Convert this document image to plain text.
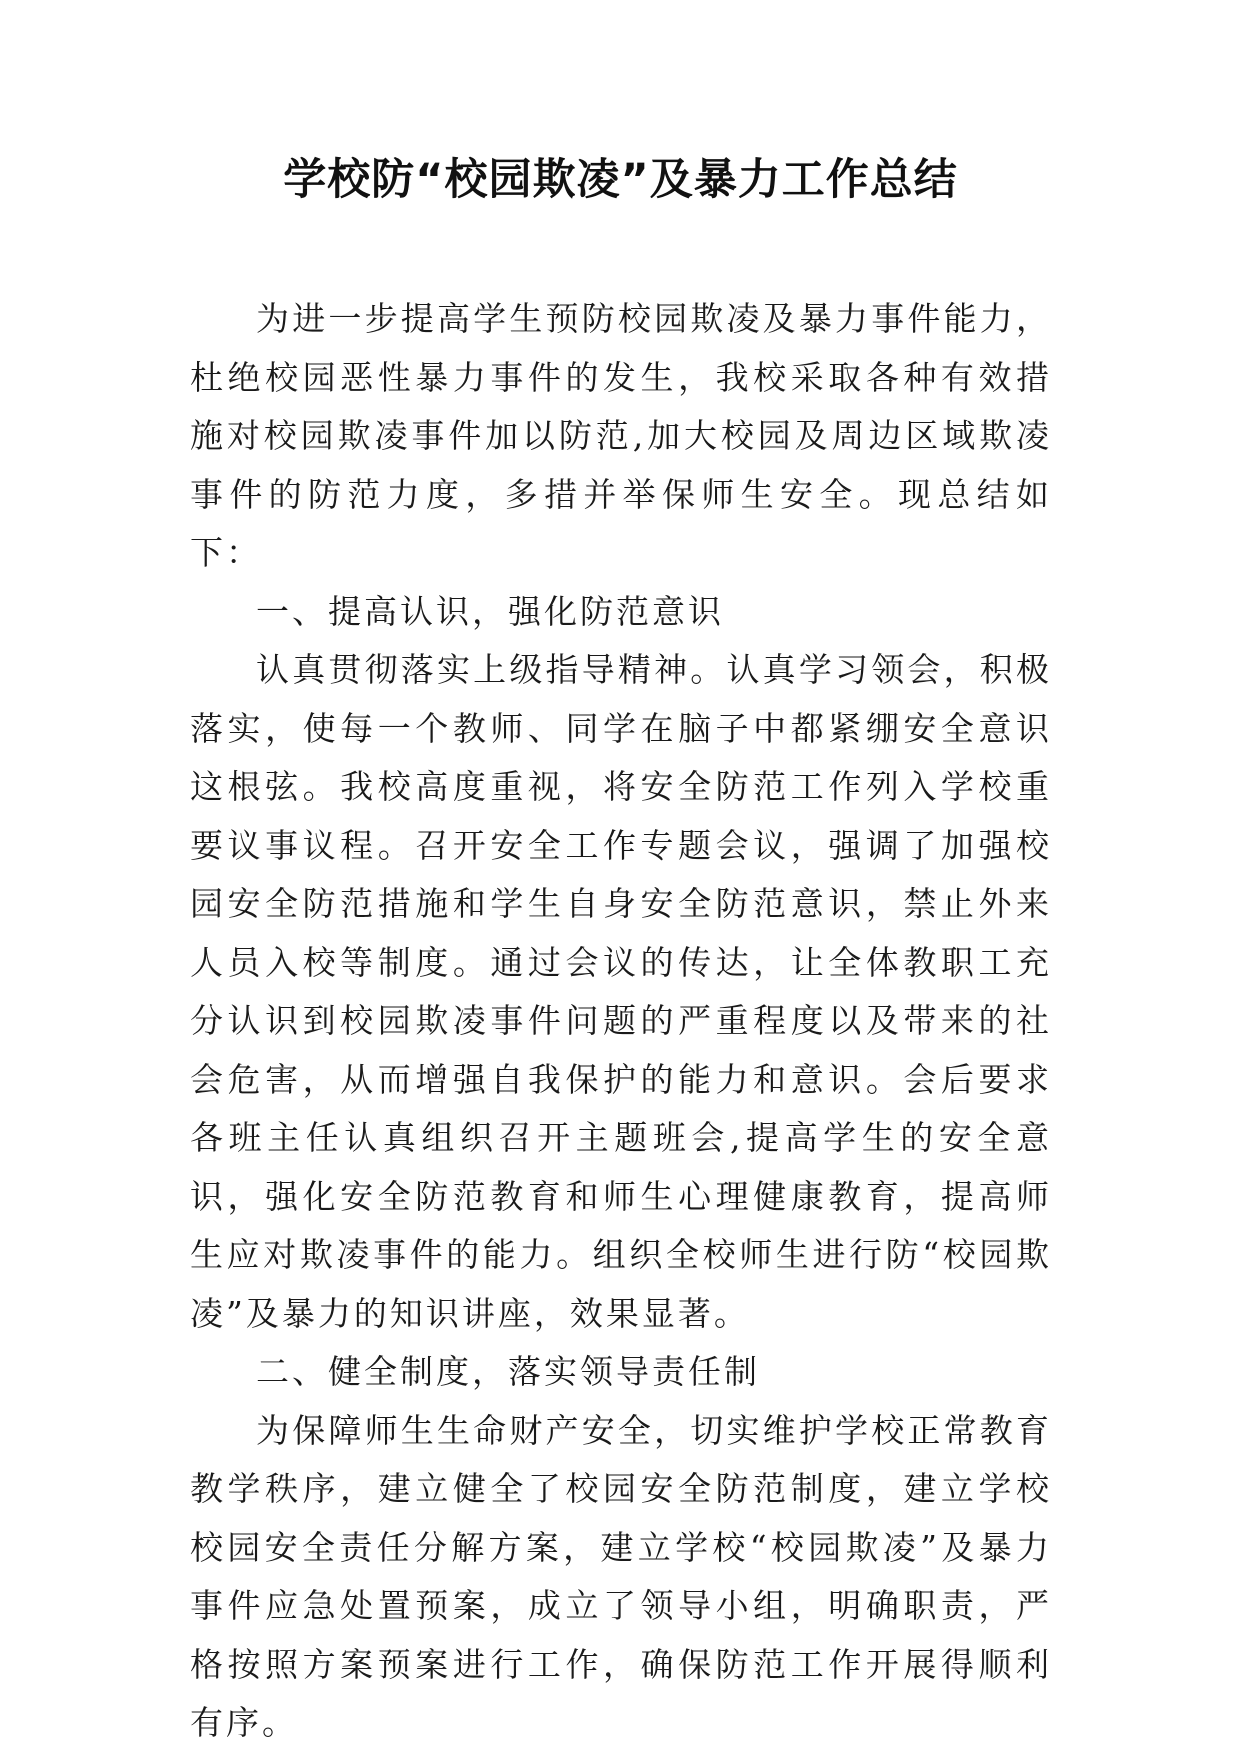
学校防“校园欺凌”及暴力工作总结

为进一步提高学生预防校园欺凌及暴力事件能力，杜绝校园恶性暴力事件的发生，我校采取各种有效措施对校园欺凌事件加以防范,加大校园及周边区域欺凌事件的防范力度，多措并举保师生安全。现总结如下：

一、提高认识，强化防范意识

认真贯彻落实上级指导精神。认真学习领会，积极落实，使每一个教师、同学在脑子中都紧绷安全意识这根弦。我校高度重视，将安全防范工作列入学校重要议事议程。召开安全工作专题会议，强调了加强校园安全防范措施和学生自身安全防范意识，禁止外来人员入校等制度。通过会议的传达，让全体教职工充分认识到校园欺凌事件问题的严重程度以及带来的社会危害，从而增强自我保护的能力和意识。会后要求各班主任认真组织召开主题班会,提高学生的安全意识，强化安全防范教育和师生心理健康教育，提高师生应对欺凌事件的能力。组织全校师生进行防“校园欺凌”及暴力的知识讲座，效果显著。

二、健全制度，落实领导责任制

为保障师生生命财产安全，切实维护学校正常教育教学秩序，建立健全了校园安全防范制度，建立学校校园安全责任分解方案，建立学校“校园欺凌”及暴力事件应急处置预案，成立了领导小组，明确职责，严格按照方案预案进行工作，确保防范工作开展得顺利有序。
